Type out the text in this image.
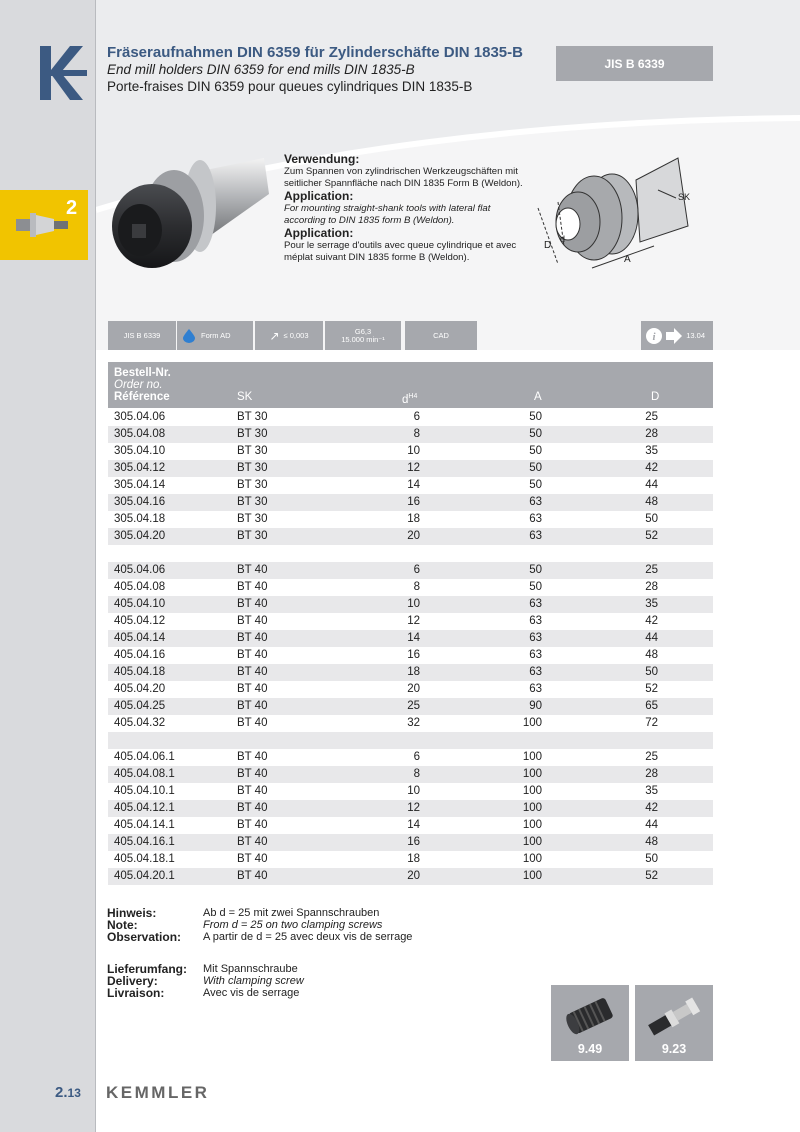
2
Fräseraufnahmen DIN 6359 für Zylinderschäfte DIN 1835-B
End mill holders DIN 6359 for end mills DIN 1835-B
Porte-fraises DIN 6359 pour queues cylindriques DIN 1835-B
JIS B 6339
Verwendung:
Zum Spannen von zylindrischen Werkzeugschäften mit seitlicher Spannfläche nach DIN 1835 Form B (Weldon).
Application:
For mounting straight-shank tools with lateral flat according to DIN 1835 form B (Weldon).
Application:
Pour le serrage d'outils avec queue cylindrique et avec méplat suivant DIN 1835 forme B (Weldon).
D
d
A
SK
JIS B 6339	Form AD	↗ ≤ 0,003	G6,3
15.000 min⁻¹	CAD	i	13.04
Bestell-Nr.
Order no.
Référence	SK	$d^{H4}$	A	D
305.04.06	BT 30	6	50	25
305.04.08	BT 30	8	50	28
305.04.10	BT 30	10	50	35
305.04.12	BT 30	12	50	42
305.04.14	BT 30	14	50	44
305.04.16	BT 30	16	63	48
305.04.18	BT 30	18	63	50
305.04.20	BT 30	20	63	52
405.04.06	BT 40	6	50	25
405.04.08	BT 40	8	50	28
405.04.10	BT 40	10	63	35
405.04.12	BT 40	12	63	42
405.04.14	BT 40	14	63	44
405.04.16	BT 40	16	63	48
405.04.18	BT 40	18	63	50
405.04.20	BT 40	20	63	52
405.04.25	BT 40	25	90	65
405.04.32	BT 40	32	100	72
405.04.06.1	BT 40	6	100	25
405.04.08.1	BT 40	8	100	28
405.04.10.1	BT 40	10	100	35
405.04.12.1	BT 40	12	100	42
405.04.14.1	BT 40	14	100	44
405.04.16.1	BT 40	16	100	48
405.04.18.1	BT 40	18	100	50
405.04.20.1	BT 40	20	100	52
Hinweis:
Note:
Observation:
Ab d = 25 mit zwei Spannschrauben
From d = 25 on two clamping screws
A partir de d = 25 avec deux vis de serrage
Lieferumfang:
Delivery:
Livraison:
Mit Spannschraube
With clamping screw
Avec vis de serrage
9.49	9.23
2.13 KEMMLER
